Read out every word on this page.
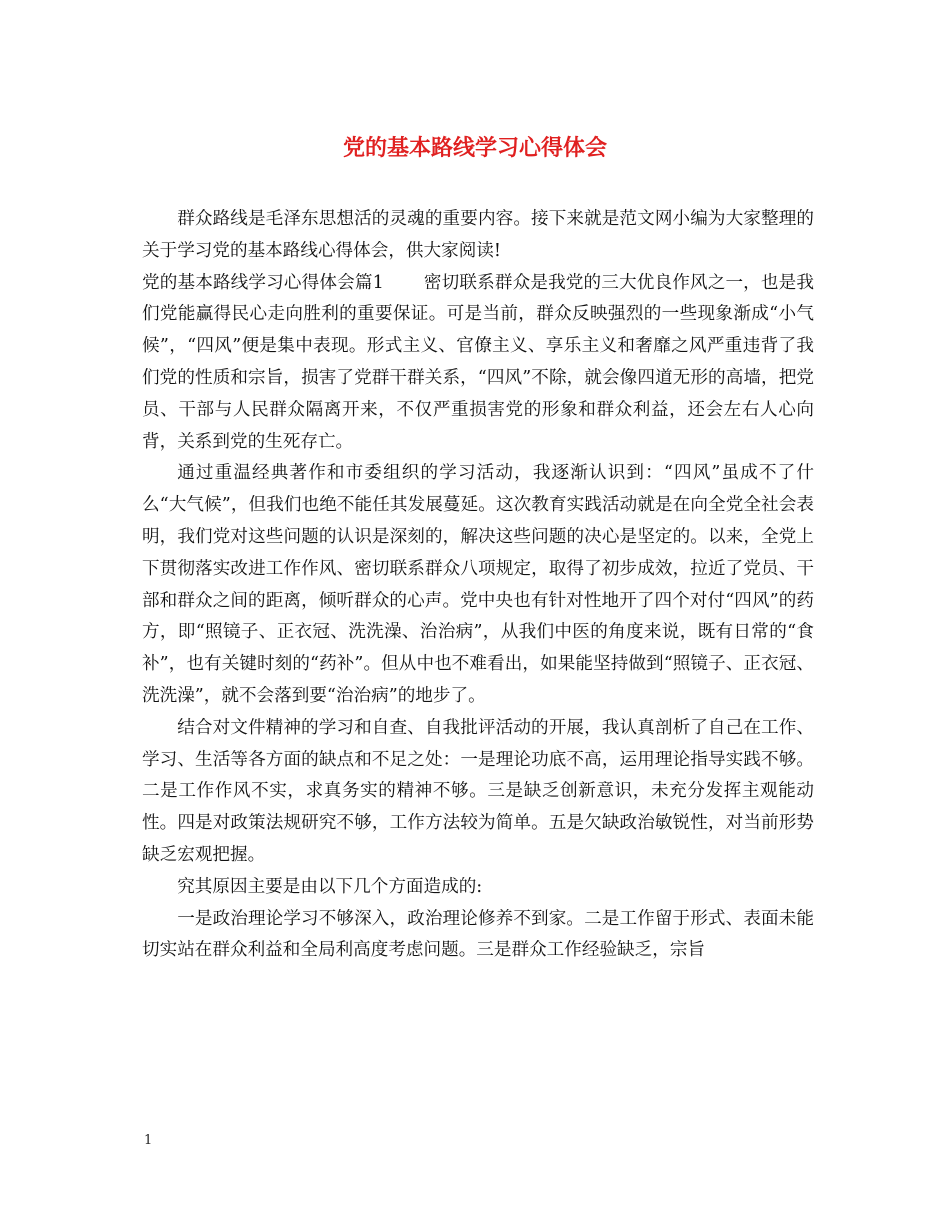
党的基本路线学习心得体会

群众路线是毛泽东思想活的灵魂的重要内容。接下来就是范文网小编为大家整理的关于学习党的基本路线心得体会，供大家阅读!

党的基本路线学习心得体会篇1 密切联系群众是我党的三大优良作风之一，也是我们党能赢得民心走向胜利的重要保证。可是当前，群众反映强烈的一些现象渐成“小气候”，“四风”便是集中表现。形式主义、官僚主义、享乐主义和奢靡之风严重违背了我们党的性质和宗旨，损害了党群干群关系，“四风”不除，就会像四道无形的高墙，把党员、干部与人民群众隔离开来，不仅严重损害党的形象和群众利益，还会左右人心向背，关系到党的生死存亡。

通过重温经典著作和市委组织的学习活动，我逐渐认识到：“四风”虽成不了什么“大气候”，但我们也绝不能任其发展蔓延。这次教育实践活动就是在向全党全社会表明，我们党对这些问题的认识是深刻的，解决这些问题的决心是坚定的。以来，全党上下贯彻落实改进工作作风、密切联系群众八项规定，取得了初步成效，拉近了党员、干部和群众之间的距离，倾听群众的心声。党中央也有针对性地开了四个对付“四风”的药方，即“照镜子、正衣冠、洗洗澡、治治病”，从我们中医的角度来说，既有日常的“食补”，也有关键时刻的“药补”。但从中也不难看出，如果能坚持做到“照镜子、正衣冠、洗洗澡”，就不会落到要“治治病”的地步了。

结合对文件精神的学习和自查、自我批评活动的开展，我认真剖析了自己在工作、学习、生活等各方面的缺点和不足之处：一是理论功底不高，运用理论指导实践不够。二是工作作风不实，求真务实的精神不够。三是缺乏创新意识，未充分发挥主观能动性。四是对政策法规研究不够，工作方法较为简单。五是欠缺政治敏锐性，对当前形势缺乏宏观把握。

究其原因主要是由以下几个方面造成的:

一是政治理论学习不够深入，政治理论修养不到家。二是工作留于形式、表面未能切实站在群众利益和全局利高度考虑问题。三是群众工作经验缺乏，宗旨

1
